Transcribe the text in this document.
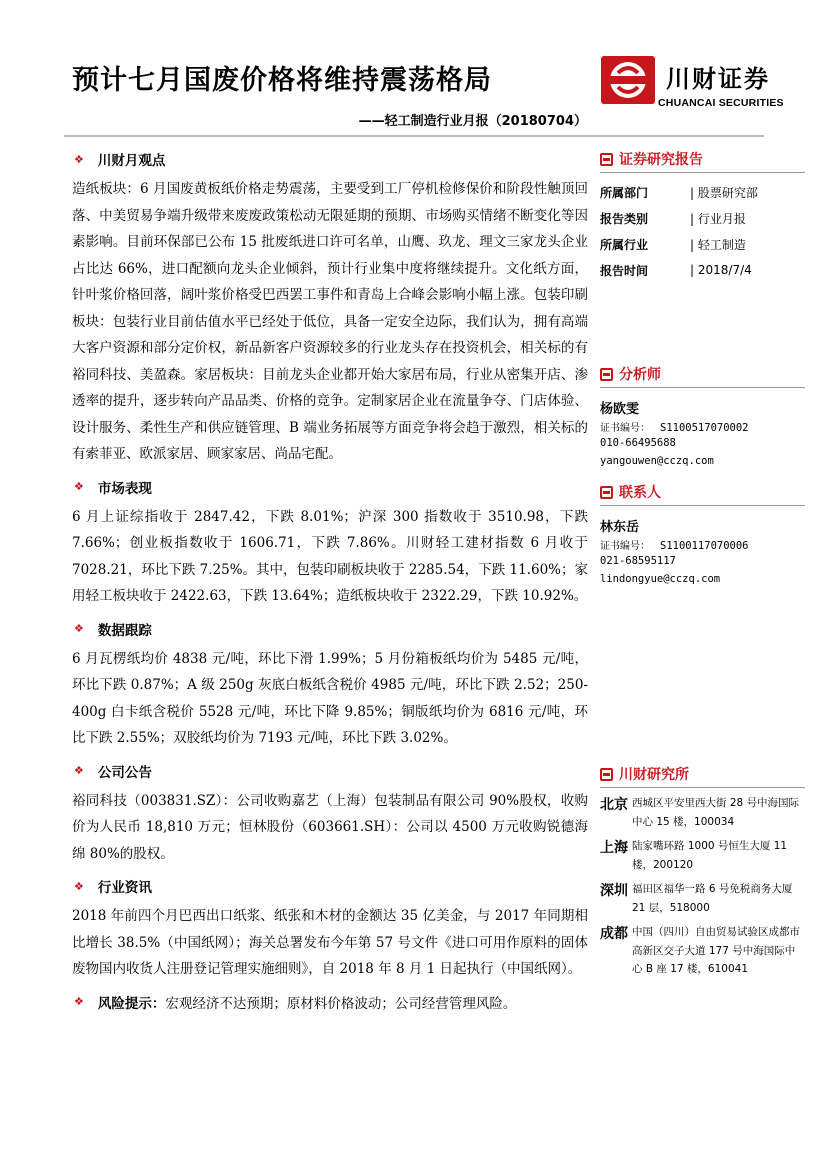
预计七月国废价格将维持震荡格局
——轻工制造行业月报（20180704）
川财证券
CHUANCAI SECURITIES
❖ 川财月观点

造纸板块：6 月国废黄板纸价格走势震荡，主要受到工厂停机检修保价和阶段性触顶回落、中美贸易争端升级带来废废政策松动无限延期的预期、市场购买情绪不断变化等因素影响。目前环保部已公布 15 批废纸进口许可名单，山鹰、玖龙、理文三家龙头企业占比达 66%，进口配额向龙头企业倾斜，预计行业集中度将继续提升。文化纸方面，针叶浆价格回落，阔叶浆价格受巴西罢工事件和青岛上合峰会影响小幅上涨。包装印刷板块：包装行业目前估值水平已经处于低位，具备一定安全边际，我们认为，拥有高端大客户资源和部分定价权，新品新客户资源较多的行业龙头存在投资机会，相关标的有裕同科技、美盈森。家居板块：目前龙头企业都开始大家居布局，行业从密集开店、渗透率的提升，逐步转向产品品类、价格的竞争。定制家居企业在流量争夺、门店体验、设计服务、柔性生产和供应链管理、B 端业务拓展等方面竞争将会趋于激烈，相关标的有索菲亚、欧派家居、顾家家居、尚品宅配。

❖ 市场表现

6 月上证综指收于 2847.42，下跌 8.01%；沪深 300 指数收于 3510.98，下跌 7.66%；创业板指数收于 1606.71，下跌 7.86%。川财轻工建材指数 6 月收于 7028.21，环比下跌 7.25%。其中，包装印刷板块收于 2285.54，下跌 11.60%；家用轻工板块收于 2422.63，下跌 13.64%；造纸板块收于 2322.29，下跌 10.92%。

❖ 数据跟踪

6 月瓦楞纸均价 4838 元/吨，环比下滑 1.99%；5 月份箱板纸均价为 5485 元/吨，环比下跌 0.87%；A 级 250g 灰底白板纸含税价 4985 元/吨，环比下跌 2.52；250-400g 白卡纸含税价 5528 元/吨，环比下降 9.85%；铜版纸均价为 6816 元/吨，环比下跌 2.55%；双胶纸均价为 7193 元/吨，环比下跌 3.02%。

❖ 公司公告

裕同科技（003831.SZ）：公司收购嘉艺（上海）包装制品有限公司 90%股权，收购价为人民币 18,810 万元；恒林股份（603661.SH）：公司以 4500 万元收购锐德海绵 80%的股权。

❖ 行业资讯

2018 年前四个月巴西出口纸浆、纸张和木材的金额达 35 亿美金，与 2017 年同期相比增长 38.5%（中国纸网）；海关总署发布今年第 57 号文件《进口可用作原料的固体废物国内收货人注册登记管理实施细则》，自 2018 年 8 月 1 日起执行（中国纸网）。

❖ 风险提示： 宏观经济不达预期；原材料价格波动；公司经营管理风险。
证券研究报告
所属部门	| 股票研究部
报告类别	| 行业月报
所属行业	| 轻工制造
报告时间	| 2018/7/4
分析师
杨欧雯
证书编号： S1100517070002
010-66495688
yangouwen@cczq.com
联系人
林东岳
证书编号： S1100117070006
021-68595117
lindongyue@cczq.com
川财研究所
北京 西城区平安里西大街 28 号中海国际中心 15 楼，100034
上海 陆家嘴环路 1000 号恒生大厦 11 楼，200120
深圳 福田区福华一路 6 号免税商务大厦 21 层，518000
成都 中国（四川）自由贸易试验区成都市高新区交子大道 177 号中海国际中心 B 座 17 楼，610041
